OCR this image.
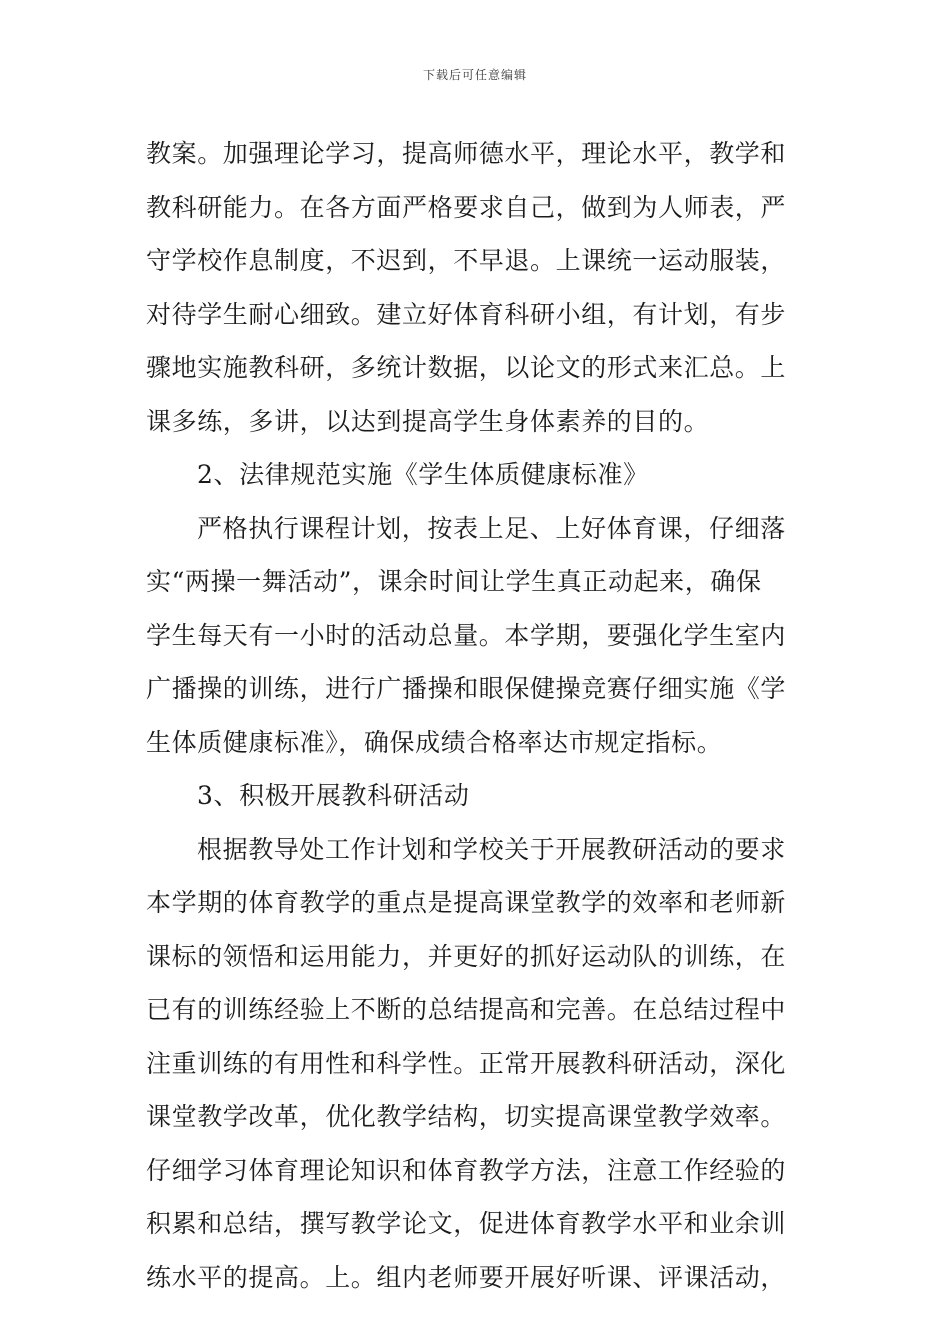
下载后可任意编辑
教案。加强理论学习，提高师德水平，理论水平，教学和
教科研能力。在各方面严格要求自己，做到为人师表，严
守学校作息制度，不迟到，不早退。上课统一运动服装，
对待学生耐心细致。建立好体育科研小组，有计划，有步
骤地实施教科研，多统计数据，以论文的形式来汇总。上
课多练，多讲，以达到提高学生身体素养的目的。
2、法律规范实施《学生体质健康标准》
严格执行课程计划，按表上足、上好体育课，仔细落
实“两操一舞活动”，课余时间让学生真正动起来，确保
学生每天有一小时的活动总量。本学期，要强化学生室内
广播操的训练，进行广播操和眼保健操竞赛仔细实施《学
生体质健康标准》，确保成绩合格率达市规定指标。
3、积极开展教科研活动
根据教导处工作计划和学校关于开展教研活动的要求
本学期的体育教学的重点是提高课堂教学的效率和老师新
课标的领悟和运用能力，并更好的抓好运动队的训练，在
已有的训练经验上不断的总结提高和完善。在总结过程中
注重训练的有用性和科学性。正常开展教科研活动，深化
课堂教学改革，优化教学结构，切实提高课堂教学效率。
仔细学习体育理论知识和体育教学方法，注意工作经验的
积累和总结，撰写教学论文，促进体育教学水平和业余训
练水平的提高。上。组内老师要开展好听课、评课活动，
